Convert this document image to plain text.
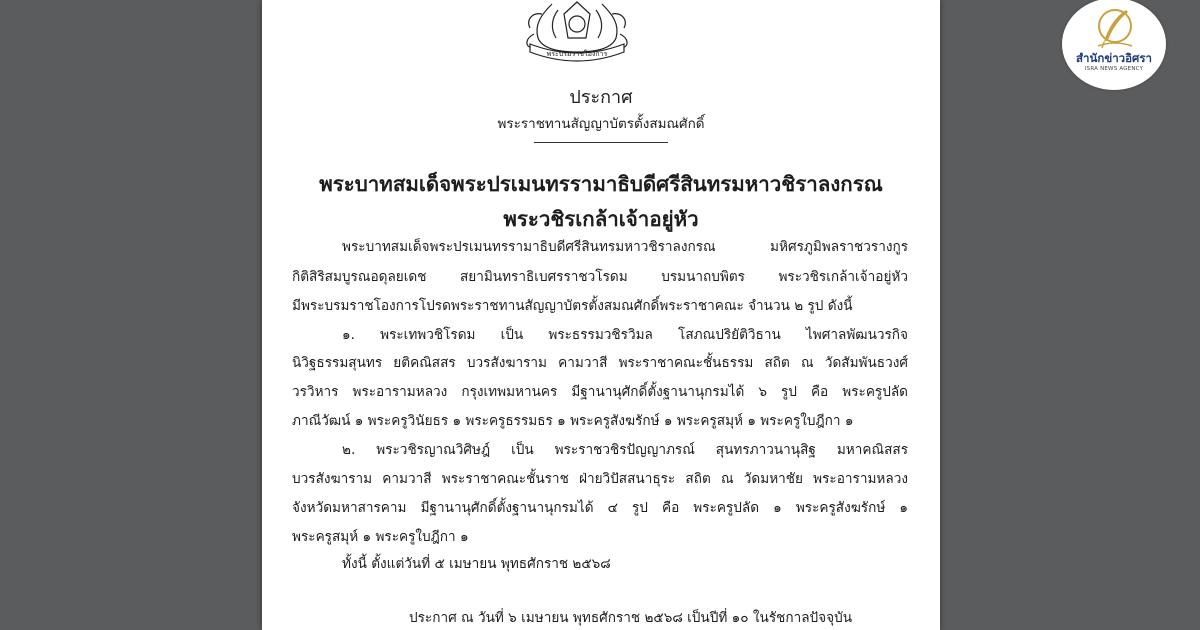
พระบรมราชโองการ
ประกาศ
พระราชทานสัญญาบัตรตั้งสมณศักดิ์
พระบาทสมเด็จพระปรเมนทรรามาธิบดีศรีสินทรมหาวชิราลงกรณ
พระวชิรเกล้าเจ้าอยู่หัว

พระบาทสมเด็จพระปรเมนทรรามาธิบดีศรีสินทรมหาวชิราลงกรณ มหิศรภูมิพลราชวรางกูร

กิติสิริสมบูรณอดุลยเดช สยามินทราธิเบศรราชวโรดม บรมนาถบพิตร พระวชิรเกล้าเจ้าอยู่หัว

มีพระบรมราชโองการโปรดพระราชทานสัญญาบัตรตั้งสมณศักดิ์พระราชาคณะ จำนวน ๒ รูป ดังนี้

๑. พระเทพวชิโรดม เป็น พระธรรมวชิรวิมล โสภณปริยัติวิธาน ไพศาลพัฒนวรกิจ

นิวิฐธรรมสุนทร ยติคณิสสร บวรสังฆาราม คามวาสี พระราชาคณะชั้นธรรม สถิต ณ วัดสัมพันธวงศ์

วรวิหาร พระอารามหลวง กรุงเทพมหานคร มีฐานานุศักดิ์ตั้งฐานานุกรมได้ ๖ รูป คือ พระครูปลัด

ภาณีวัฒน์ ๑ พระครูวินัยธร ๑ พระครูธรรมธร ๑ พระครูสังฆรักษ์ ๑ พระครูสมุห์ ๑ พระครูใบฎีกา ๑

๒. พระวชิรญาณวิศิษฎ์ เป็น พระราชวชิรปัญญาภรณ์ สุนทรภาวนานุสิฐ มหาคณิสสร

บวรสังฆาราม คามวาสี พระราชาคณะชั้นราช ฝ่ายวิปัสสนาธุระ สถิต ณ วัดมหาชัย พระอารามหลวง

จังหวัดมหาสารคาม มีฐานานุศักดิ์ตั้งฐานานุกรมได้ ๔ รูป คือ พระครูปลัด ๑ พระครูสังฆรักษ์ ๑

พระครูสมุห์ ๑ พระครูใบฎีกา ๑

ทั้งนี้ ตั้งแต่วันที่ ๕ เมษายน พุทธศักราช ๒๕๖๘

ประกาศ ณ วันที่ ๖ เมษายน พุทธศักราช ๒๕๖๘ เป็นปีที่ ๑๐ ในรัชกาลปัจจุบัน

สำนักข่าวอิศรา
ISRA NEWS AGENCY
